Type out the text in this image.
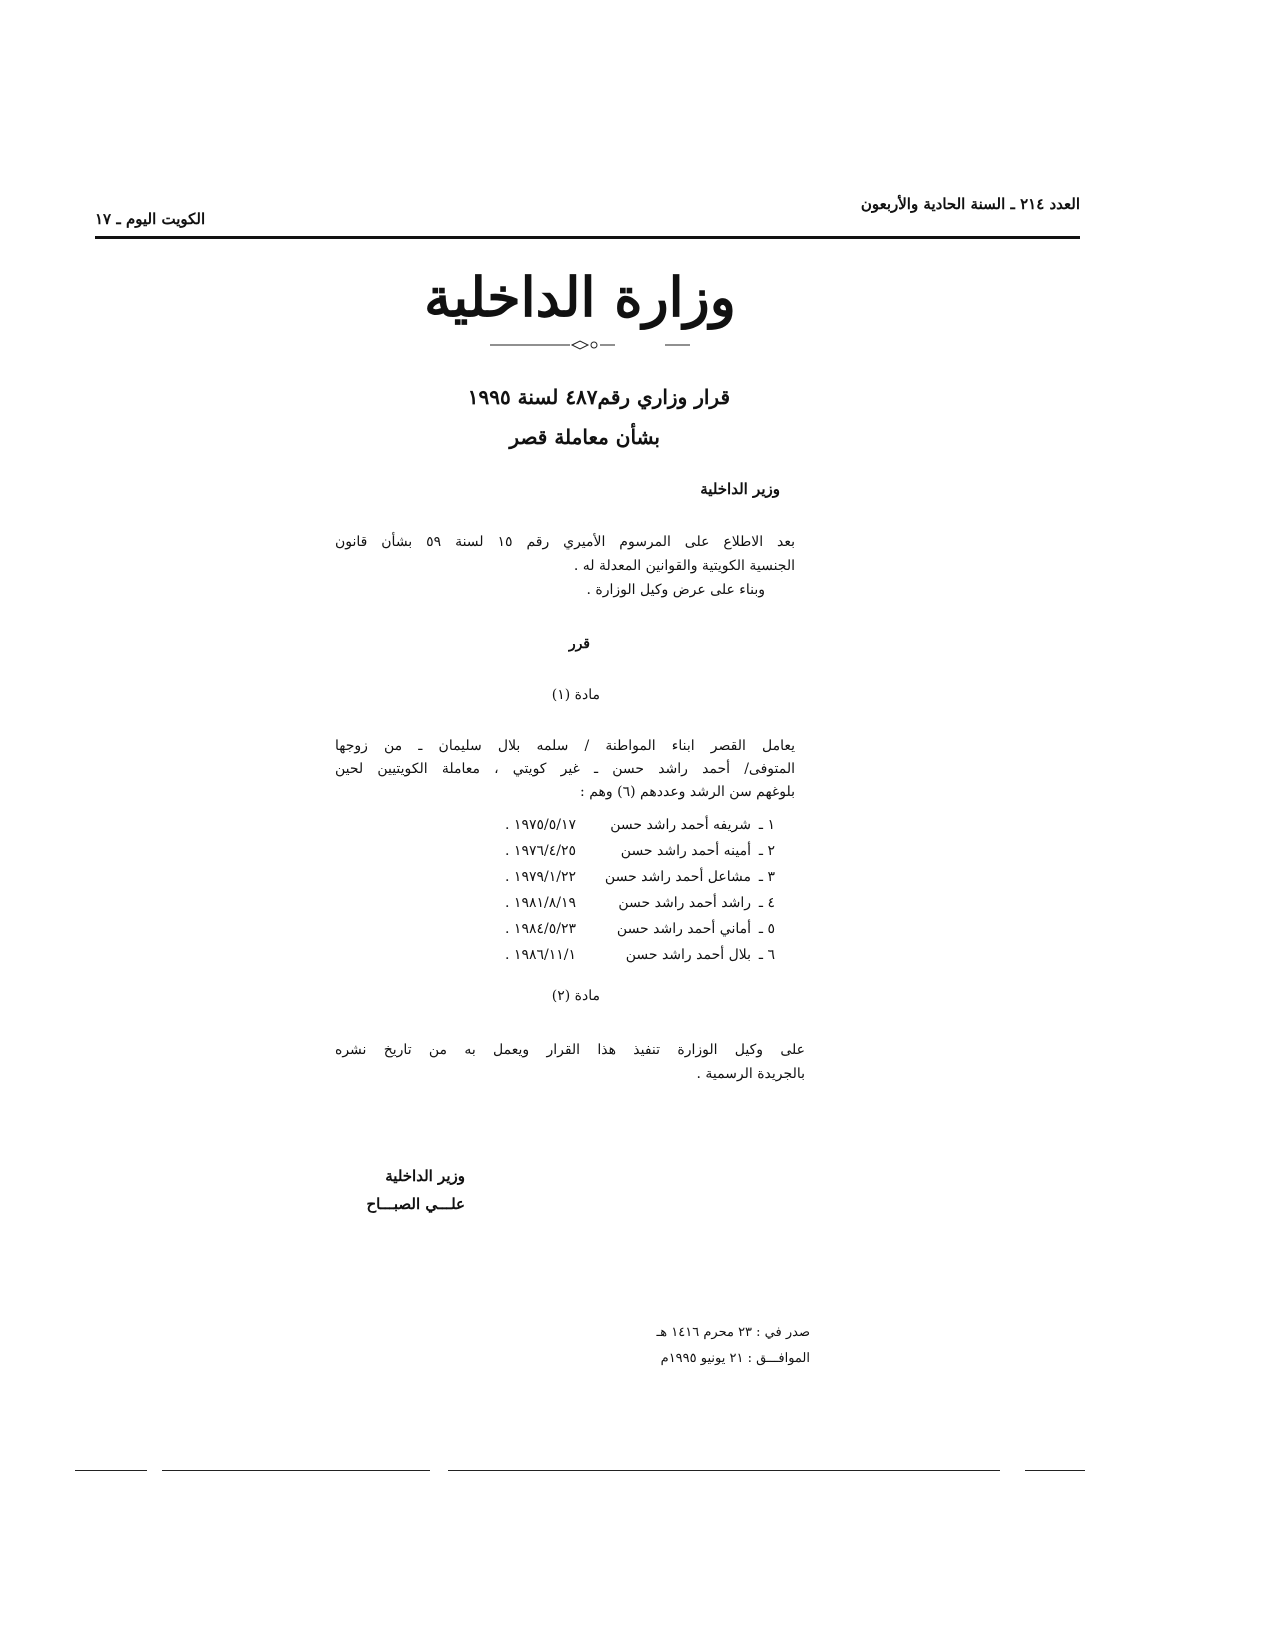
العدد ٢١٤ ـ السنة الحادية والأربعون
الكويت اليوم ـ ١٧
وزارة الداخلية
قرار وزاري رقم٤٨٧ لسنة ١٩٩٥
بشأن معاملة قصر
وزير الداخلية
بعد الاطلاع على المرسوم الأميري رقم ١٥ لسنة ٥٩ بشأن قانون
الجنسية الكويتية والقوانين المعدلة له .
وبناء على عرض وكيل الوزارة .
قرر
مادة (١)
يعامل القصر ابناء المواطنة / سلمه بلال سليمان ـ من زوجها
المتوفى/ أحمد راشد حسن ـ غير كويتي ، معاملة الكويتيين لحين
بلوغهم سن الرشد وعددهم (٦) وهم :
١ ـ
شريفه أحمد راشد حسن
١٩٧٥/٥/١٧ .
٢ ـ
أمينه أحمد راشد حسن
١٩٧٦/٤/٢٥ .
٣ ـ
مشاعل أحمد راشد حسن
١٩٧٩/١/٢٢ .
٤ ـ
راشد أحمد راشد حسن
١٩٨١/٨/١٩ .
٥ ـ
أماني أحمد راشد حسن
١٩٨٤/٥/٢٣ .
٦ ـ
بلال أحمد راشد حسن
١٩٨٦/١١/١ .
مادة (٢)
على وكيل الوزارة تنفيذ هذا القرار ويعمل به من تاريخ نشره
بالجريدة الرسمية .
وزير الداخلية
علـــي الصبـــاح
صدر في : ٢٣ محرم ١٤١٦ هـ
الموافـــق : ٢١ يونيو ١٩٩٥م
